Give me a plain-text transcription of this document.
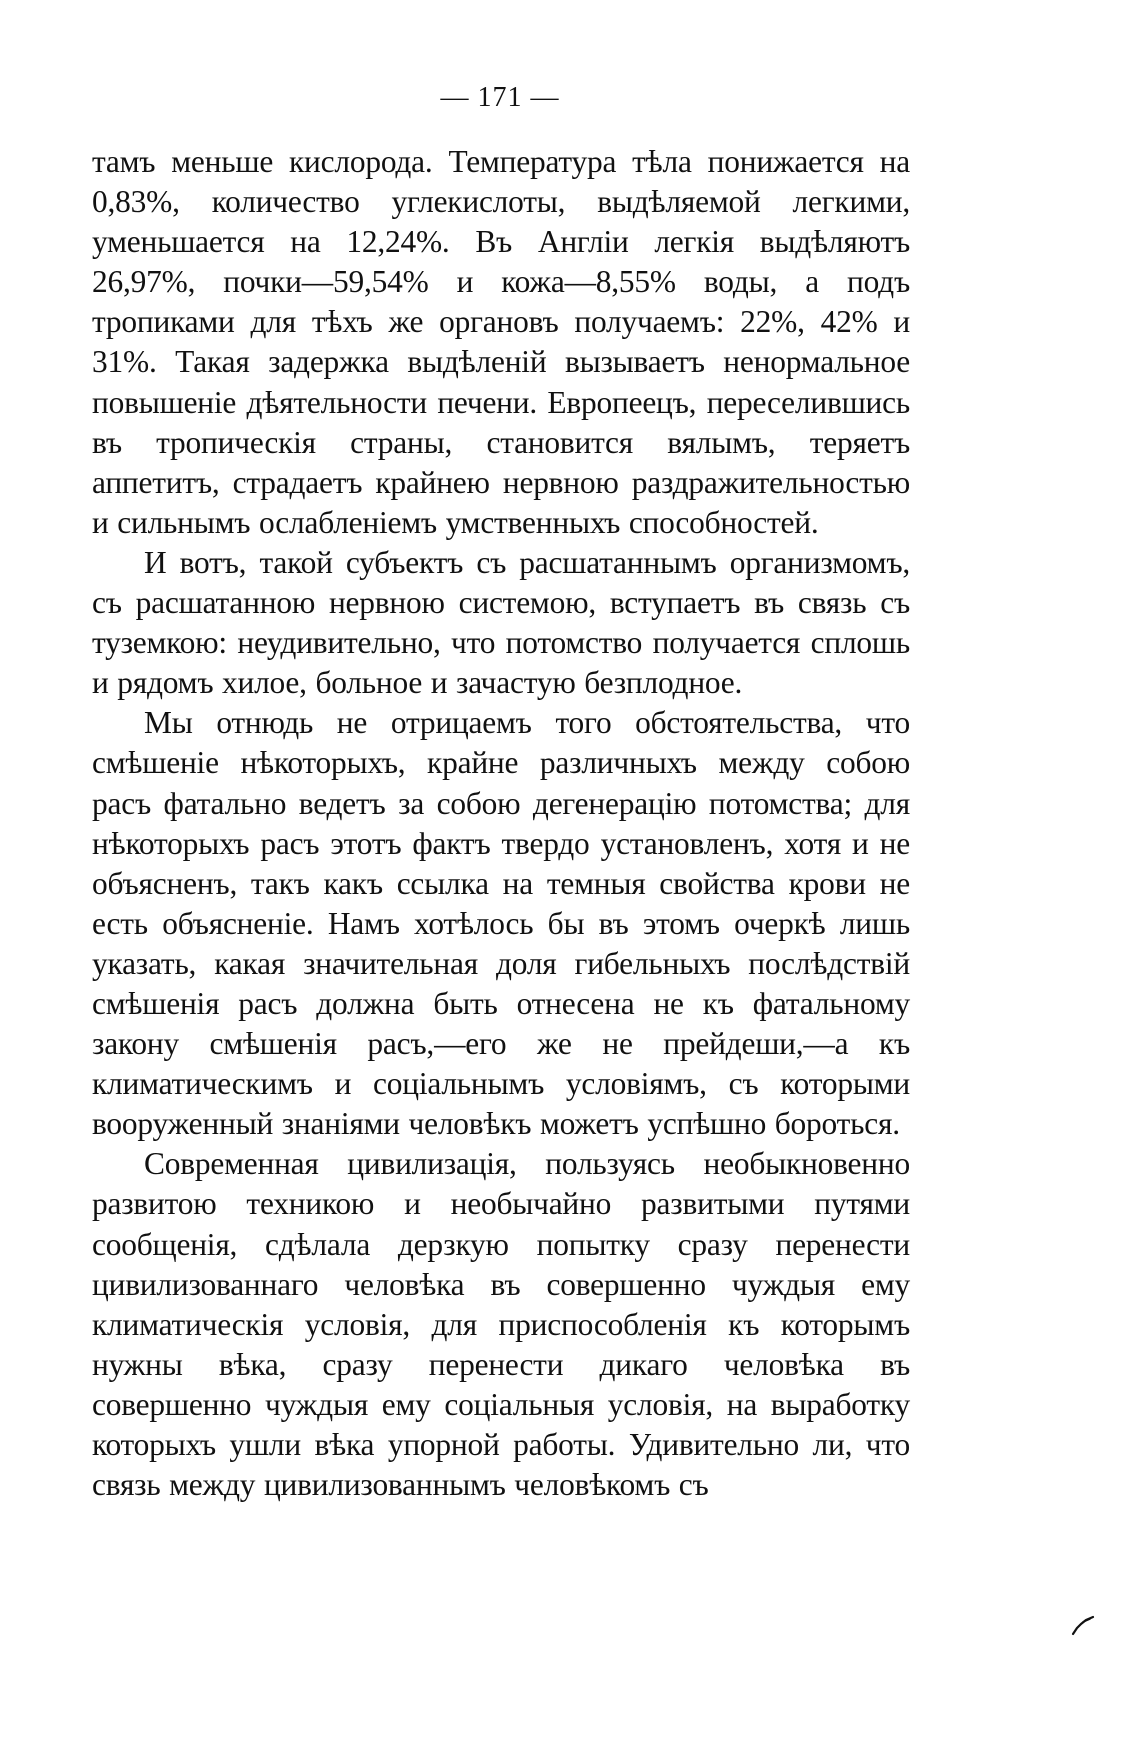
— 171 —

тамъ меньше кислорода. Температура тѣла понижается на 0,83%, количество углекислоты, выдѣляемой легкими, уменьшается на 12,24%. Въ Англіи легкія выдѣляютъ 26,97%, почки—59,54% и кожа—8,55% воды, а подъ тропиками для тѣхъ же органовъ получаемъ: 22%, 42% и 31%. Такая задержка выдѣленій вызываетъ ненормальное повышеніе дѣятельности печени. Европеецъ, переселившись въ тропическія страны, становится вялымъ, теряетъ аппетитъ, страдаетъ крайнею нервною раздражительностью и сильнымъ ослабленіемъ умственныхъ способностей.

И вотъ, такой субъектъ съ расшатаннымъ организмомъ, съ расшатанною нервною системою, вступаетъ въ связь съ туземкою: неудивительно, что потомство получается сплошь и рядомъ хилое, больное и зачастую безплодное.

Мы отнюдь не отрицаемъ того обстоятельства, что смѣшеніе нѣкоторыхъ, крайне различныхъ между собою расъ фатально ведетъ за собою дегенерацію потомства; для нѣкоторыхъ расъ этотъ фактъ твердо установленъ, хотя и не объясненъ, такъ какъ ссылка на темныя свойства крови не есть объясненіе. Намъ хотѣлось бы въ этомъ очеркѣ лишь указать, какая значительная доля гибельныхъ послѣдствій смѣшенія расъ должна быть отнесена не къ фатальному закону смѣшенія расъ,—его же не прейдеши,—а къ климатическимъ и соціальнымъ условіямъ, съ которыми вооруженный знаніями человѣкъ можетъ успѣшно бороться.

Современная цивилизація, пользуясь необыкновенно развитою техникою и необычайно развитыми путями сообщенія, сдѣлала дерзкую попытку сразу перенести цивилизованнаго человѣка въ совершенно чуждыя ему климатическія условія, для приспособленія къ которымъ нужны вѣка, сразу перенести дикаго человѣка въ совершенно чуждыя ему соціальныя условія, на выработку которыхъ ушли вѣка упорной работы. Удивительно ли, что связь между цивилизованнымъ человѣкомъ съ
